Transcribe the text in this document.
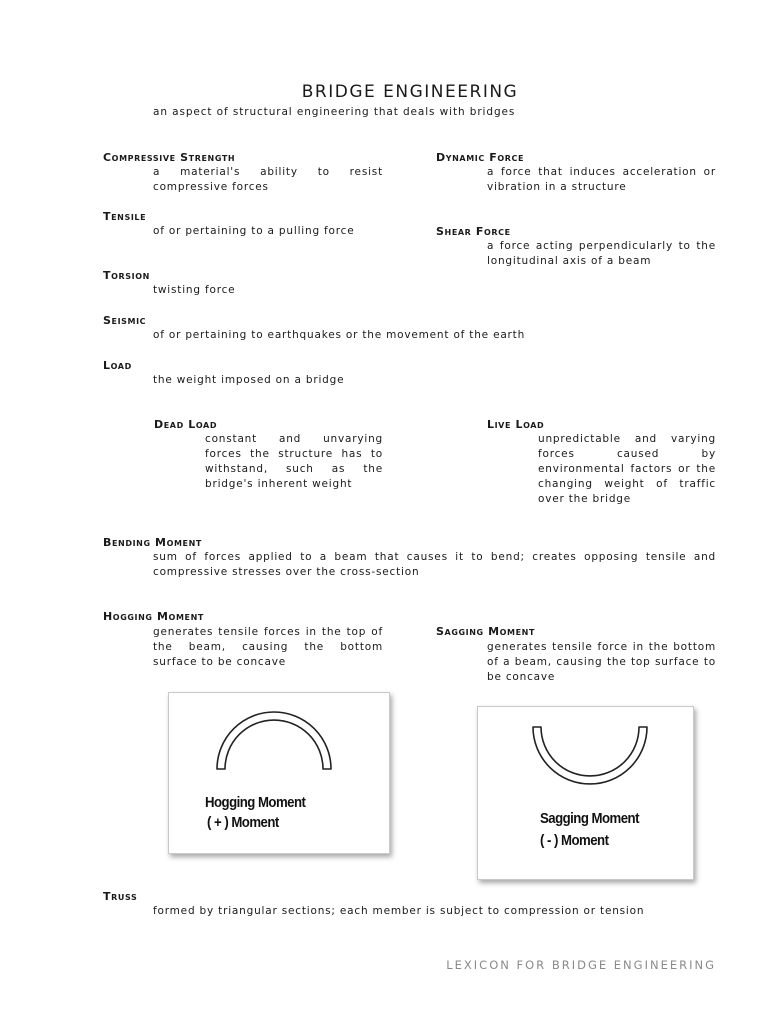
BRIDGE ENGINEERING
an aspect of structural engineering that deals with bridges
Compressive Strength
a material's ability to resist compressive forces
Dynamic Force
a force that induces acceleration or vibration in a structure
Tensile
of or pertaining to a pulling force	Shear Force
a force acting perpendicularly to the longitudinal axis of a beam
Torsion
twisting force
Seismic
of or pertaining to earthquakes or the movement of the earth
Load
the weight imposed on a bridge
Dead Load
constant and unvarying forces the structure has to withstand, such as the bridge's inherent weight
Live Load
unpredictable and varying forces caused by environmental factors or the changing weight of traffic over the bridge
Bending Moment
sum of forces applied to a beam that causes it to bend; creates opposing tensile and compressive stresses over the cross-section
Hogging Moment
generates tensile forces in the top of the beam, causing the bottom surface to be concave
Sagging Moment
generates tensile force in the bottom of a beam, causing the top surface to be concave
Hogging Moment
( + ) Moment	Sagging Moment
( - ) Moment
Truss
formed by triangular sections; each member is subject to compression or tension
LEXICON FOR BRIDGE ENGINEERING
